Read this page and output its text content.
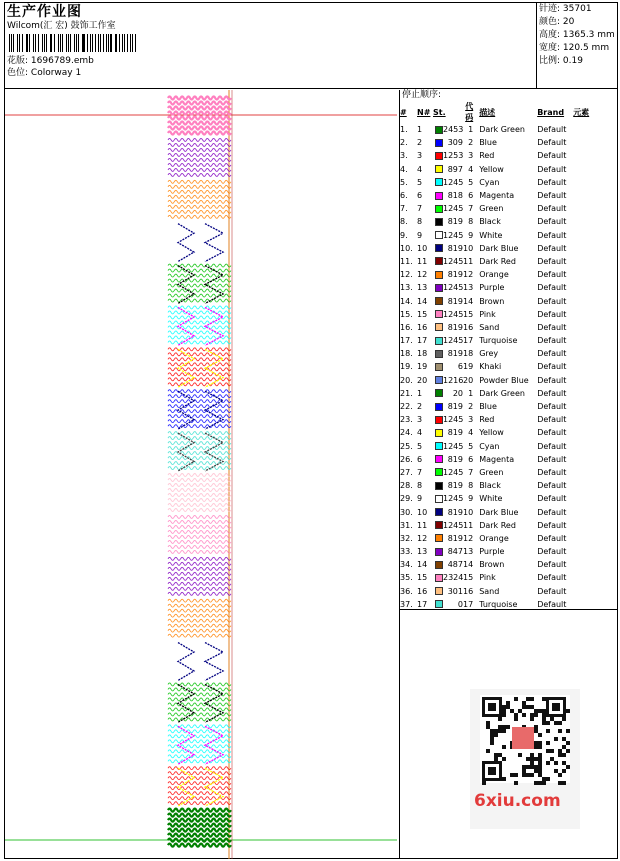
生产作业图
Wilcom(汇 宏) 鼓饰工作室
花版: 1696789.emb
色位: Colorway 1
针迹: 35701
颜色: 20
高度: 1365.3 mm
宽度: 120.5 mm
比例: 0.19
停止顺序:
#	N#	St.	代码	描述	Brand	元素
1.	1	2453	1	Dark Green	Default	
2.	2	309	2	Blue	Default	
3.	3	1253	3	Red	Default	
4.	4	897	4	Yellow	Default	
5.	5	1245	5	Cyan	Default	
6.	6	818	6	Magenta	Default	
7.	7	1245	7	Green	Default	
8.	8	819	8	Black	Default	
9.	9	1245	9	White	Default	
10.	10	819	10	Dark Blue	Default	
11.	11	1245	11	Dark Red	Default	
12.	12	819	12	Orange	Default	
13.	13	1245	13	Purple	Default	
14.	14	819	14	Brown	Default	
15.	15	1245	15	Pink	Default	
16.	16	819	16	Sand	Default	
17.	17	1245	17	Turquoise	Default	
18.	18	819	18	Grey	Default	
19.	19	6	19	Khaki	Default	
20.	20	1216	20	Powder Blue	Default	
21.	1	20	1	Dark Green	Default	
22.	2	819	2	Blue	Default	
23.	3	1245	3	Red	Default	
24.	4	819	4	Yellow	Default	
25.	5	1245	5	Cyan	Default	
26.	6	819	6	Magenta	Default	
27.	7	1245	7	Green	Default	
28.	8	819	8	Black	Default	
29.	9	1245	9	White	Default	
30.	10	819	10	Dark Blue	Default	
31.	11	1245	11	Dark Red	Default	
32.	12	819	12	Orange	Default	
33.	13	847	13	Purple	Default	
34.	14	487	14	Brown	Default	
35.	15	2324	15	Pink	Default	
36.	16	301	16	Sand	Default	
37.	17	0	17	Turquoise	Default	
6xiu.com
